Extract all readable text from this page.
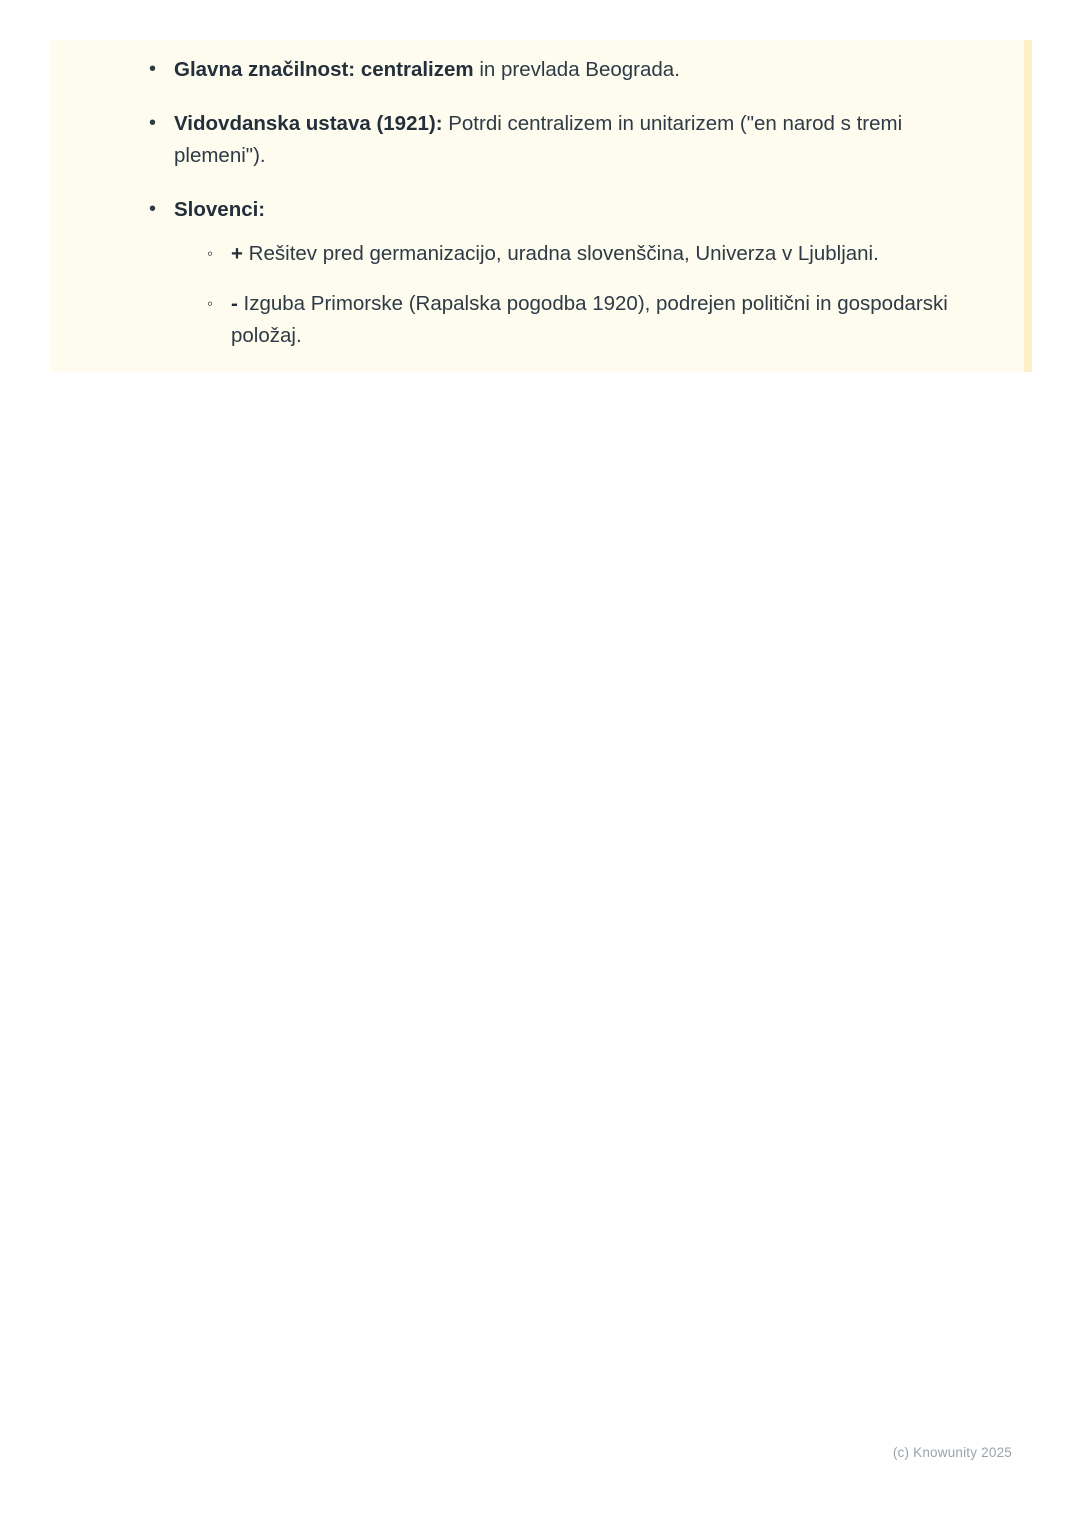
• Glavna značilnost: centralizem in prevlada Beograda.
• Vidovdanska ustava (1921): Potrdi centralizem in unitarizem ("en narod s tremi plemeni").
• Slovenci:
◦ + Rešitev pred germanizacijo, uradna slovenščina, Univerza v Ljubljani.
◦ - Izguba Primorske (Rapalska pogodba 1920), podrejen politični in gospodarski položaj.
(c) Knowunity 2025
